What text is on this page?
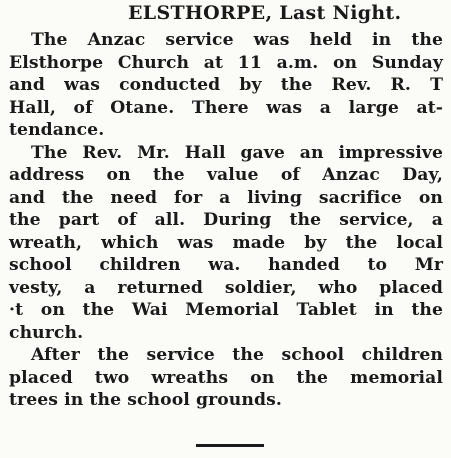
ELSTHORPE, Last Night.
The Anzac service was held in the
Elsthorpe Church at 11 a.m. on Sunday
and was conducted by the Rev. R. T
Hall, of Otane. There was a large at-
tendance.
The Rev. Mr. Hall gave an impressive
address on the value of Anzac Day,
and the need for a living sacrifice on
the part of all. During the service, a
wreath, which was made by the local
school children wa. handed to Mr
vesty, a returned soldier, who placed
·t on the Wai Memorial Tablet in the
church.
After the service the school children
placed two wreaths on the memorial
trees in the school grounds.
